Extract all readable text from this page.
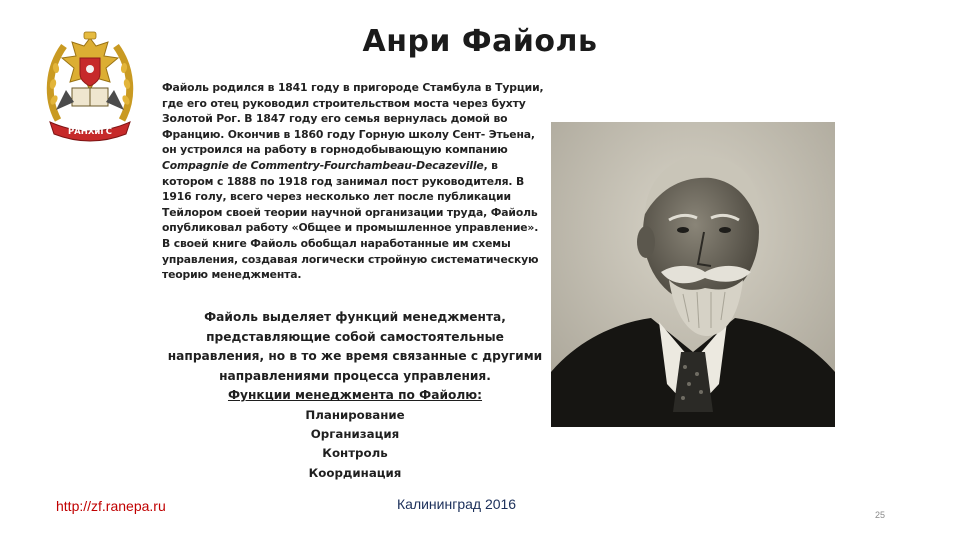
РАНХиГС
Анри Файоль
Файоль родился в 1841 году в пригороде Стамбула в Турции,
где его отец руководил строительством моста через бухту
Золотой Рог. В 1847 году его семья вернулась домой во
Францию. Окончив в 1860 году Горную школу Сент- Этьена,
он устроился на работу в горнодобывающую компанию
Compagnie de Commentry-Fourchambeau-Decazeville, в
котором с 1888 по 1918 год занимал пост руководителя. В
1916 голу, всего через несколько лет после публикации
Тейлором своей теории научной организации труда, Файоль
опубликовал работу «Общее и промышленное управление».
В своей книге Файоль обобщал наработанные им схемы
управления, создавая логически стройную систематическую
теорию менеджмента.
Файоль выделяет функций менеджмента,
представляющие собой самостоятельные
направления, но в то же время связанные с другими
направлениями процесса управления.
Функции менеджмента по Файолю:
Планирование
Организация
Контроль
Координация
http://zf.ranepa.ru	Калининград 2016
25
